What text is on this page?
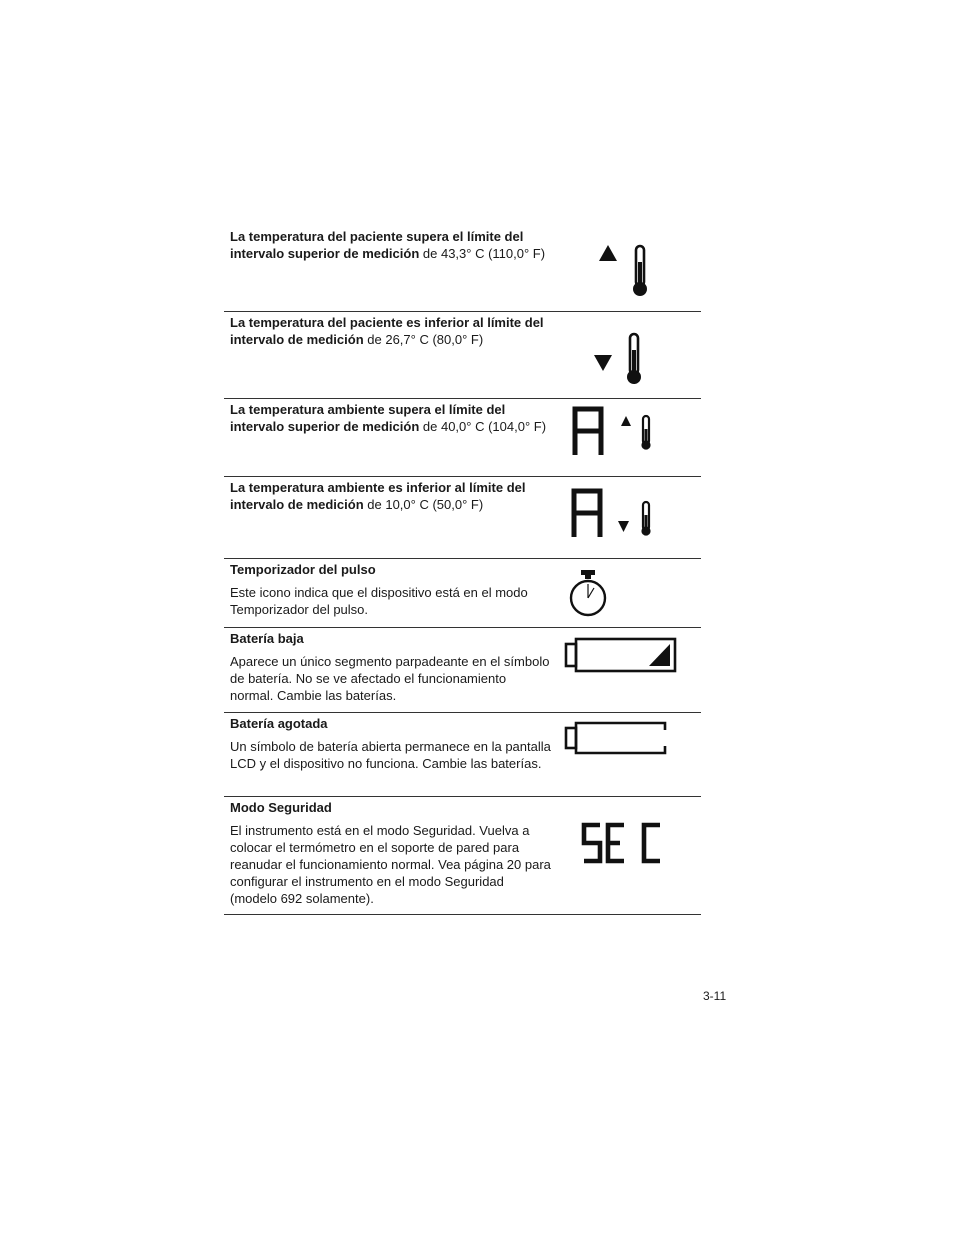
La temperatura del paciente supera el límite del intervalo superior de medición de 43,3° C (110,0° F)
La temperatura del paciente es inferior al límite del intervalo de medición de 26,7° C (80,0° F)
La temperatura ambiente supera el límite del intervalo superior de medición de 40,0° C (104,0° F)
La temperatura ambiente es inferior al límite del intervalo de medición de 10,0° C (50,0° F)
Temporizador del pulso
Este icono indica que el dispositivo está en el modo Temporizador del pulso.
Batería baja
Aparece un único segmento parpadeante en el símbolo de batería. No se ve afectado el funcionamiento normal. Cambie las baterías.
Batería agotada
Un símbolo de batería abierta permanece en la pantalla LCD y el dispositivo no funciona. Cambie las baterías.
Modo Seguridad
El instrumento está en el modo Seguridad. Vuelva a colocar el termómetro en el soporte de pared para reanudar el funcionamiento normal. Vea página 20 para configurar el instrumento en el modo Seguridad (modelo 692 solamente).
3-11
